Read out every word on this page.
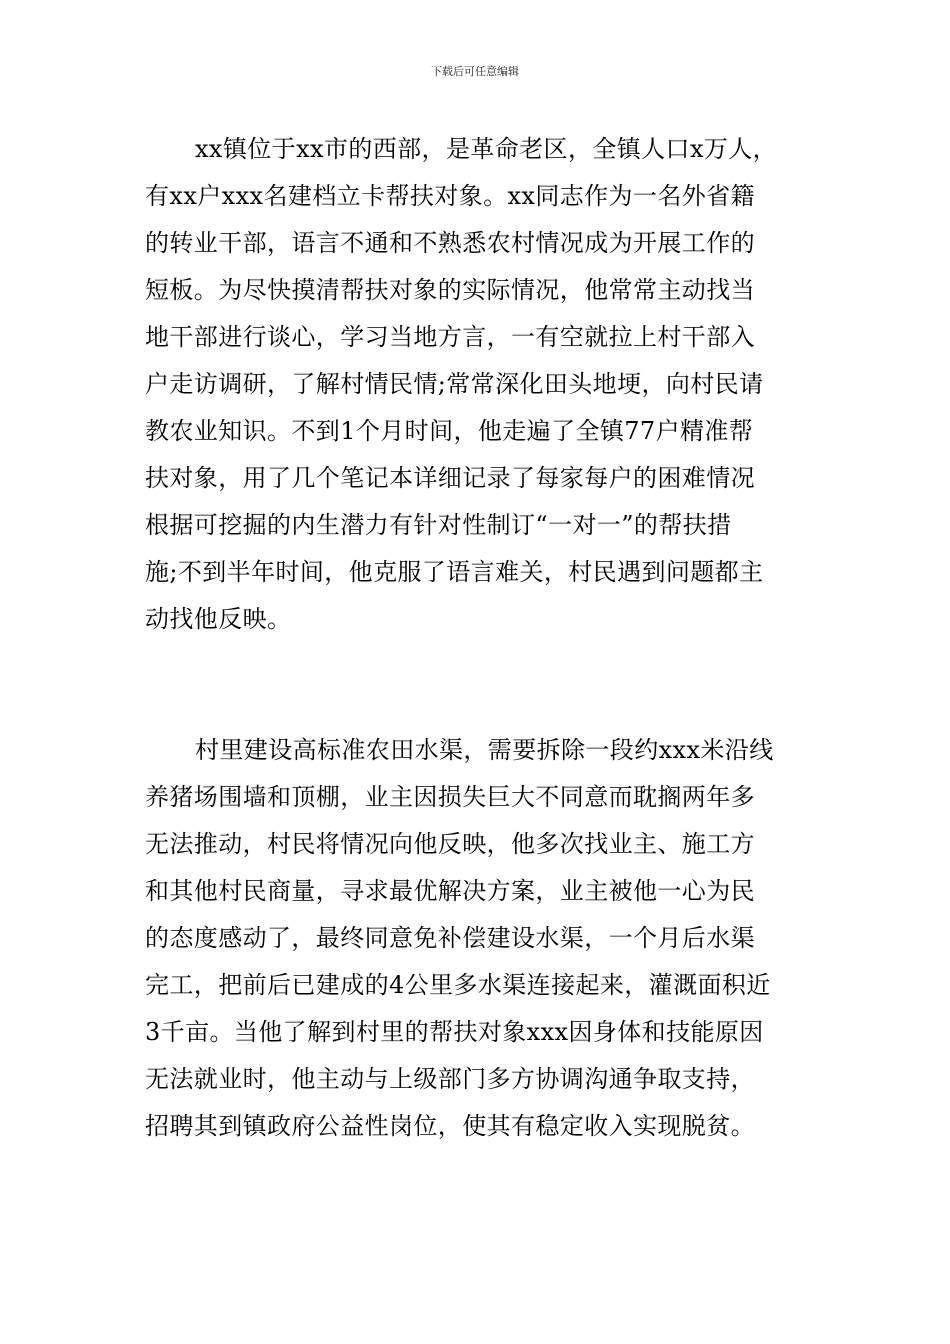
下载后可任意编辑
xx镇位于xx市的西部，是革命老区，全镇人口x万人，
有xx户xxx名建档立卡帮扶对象。xx同志作为一名外省籍
的转业干部，语言不通和不熟悉农村情况成为开展工作的
短板。为尽快摸清帮扶对象的实际情况，他常常主动找当
地干部进行谈心，学习当地方言，一有空就拉上村干部入
户走访调研，了解村情民情;常常深化田头地埂，向村民请
教农业知识。不到1个月时间，他走遍了全镇77户精准帮
扶对象，用了几个笔记本详细记录了每家每户的困难情况
根据可挖掘的内生潜力有针对性制订“一对一”的帮扶措
施;不到半年时间，他克服了语言难关，村民遇到问题都主
动找他反映。
村里建设高标准农田水渠，需要拆除一段约xxx米沿线
养猪场围墙和顶棚，业主因损失巨大不同意而耽搁两年多
无法推动，村民将情况向他反映，他多次找业主、施工方
和其他村民商量，寻求最优解决方案，业主被他一心为民
的态度感动了，最终同意免补偿建设水渠，一个月后水渠
完工，把前后已建成的4公里多水渠连接起来，灌溉面积近
3千亩。当他了解到村里的帮扶对象xxx因身体和技能原因
无法就业时，他主动与上级部门多方协调沟通争取支持，
招聘其到镇政府公益性岗位，使其有稳定收入实现脱贫。
